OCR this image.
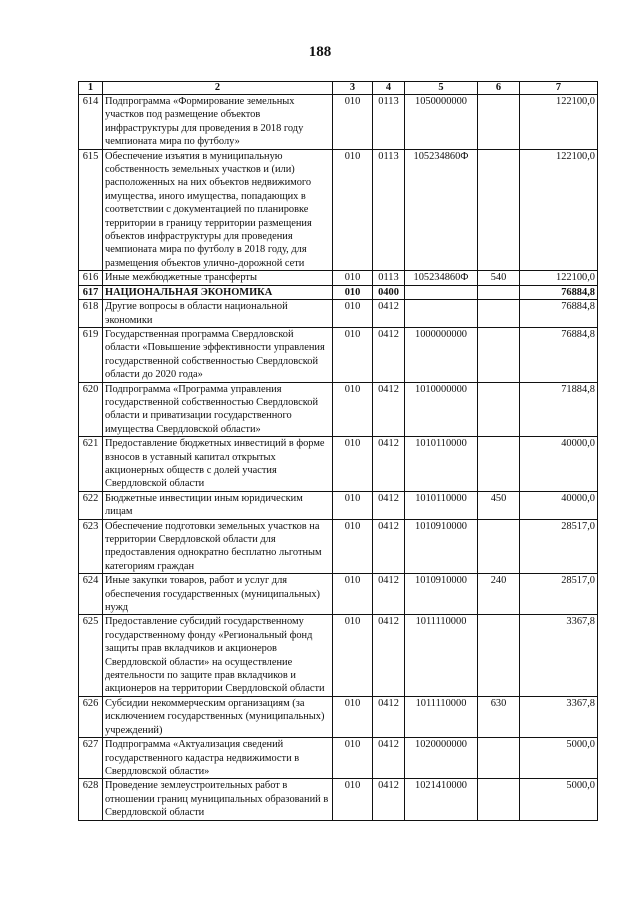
188
1	2	3	4	5	6	7
614	Подпрограмма «Формирование земельных участков под размещение объектов инфраструктуры для проведения в 2018 году чемпионата мира по футболу»	010	0113	1050000000		122100,0
615	Обеспечение изъятия в муниципальную собственность земельных участков и (или) расположенных на них объектов недвижимого имущества, иного имущества, попадающих в соответствии с документацией по планировке территории в границу территории размещения объектов инфраструктуры для проведения чемпионата мира по футболу в 2018 году, для размещения объектов улично-дорожной сети	010	0113	105234860Ф		122100,0
616	Иные межбюджетные трансферты	010	0113	105234860Ф	540	122100,0
617	НАЦИОНАЛЬНАЯ ЭКОНОМИКА	010	0400			76884,8
618	Другие вопросы в области национальной экономики	010	0412			76884,8
619	Государственная программа Свердловской области «Повышение эффективности управления государственной собственностью Свердловской области до 2020 года»	010	0412	1000000000		76884,8
620	Подпрограмма «Программа управления государственной собственностью Свердловской области и приватизации государственного имущества Свердловской области»	010	0412	1010000000		71884,8
621	Предоставление бюджетных инвестиций в форме взносов в уставный капитал открытых акционерных обществ с долей участия Свердловской области	010	0412	1010110000		40000,0
622	Бюджетные инвестиции иным юридическим лицам	010	0412	1010110000	450	40000,0
623	Обеспечение подготовки земельных участков на территории Свердловской области для предоставления однократно бесплатно льготным категориям граждан	010	0412	1010910000		28517,0
624	Иные закупки товаров, работ и услуг для обеспечения государственных (муниципальных) нужд	010	0412	1010910000	240	28517,0
625	Предоставление субсидий государственному государственному фонду «Региональный фонд защиты прав вкладчиков и акционеров Свердловской области» на осуществление деятельности по защите прав вкладчиков и акционеров на территории Свердловской области	010	0412	1011110000		3367,8
626	Субсидии некоммерческим организациям (за исключением государственных (муниципальных) учреждений)	010	0412	1011110000	630	3367,8
627	Подпрограмма «Актуализация сведений государственного кадастра недвижимости в Свердловской области»	010	0412	1020000000		5000,0
628	Проведение землеустроительных работ в отношении границ муниципальных образований в Свердловской области	010	0412	1021410000		5000,0
